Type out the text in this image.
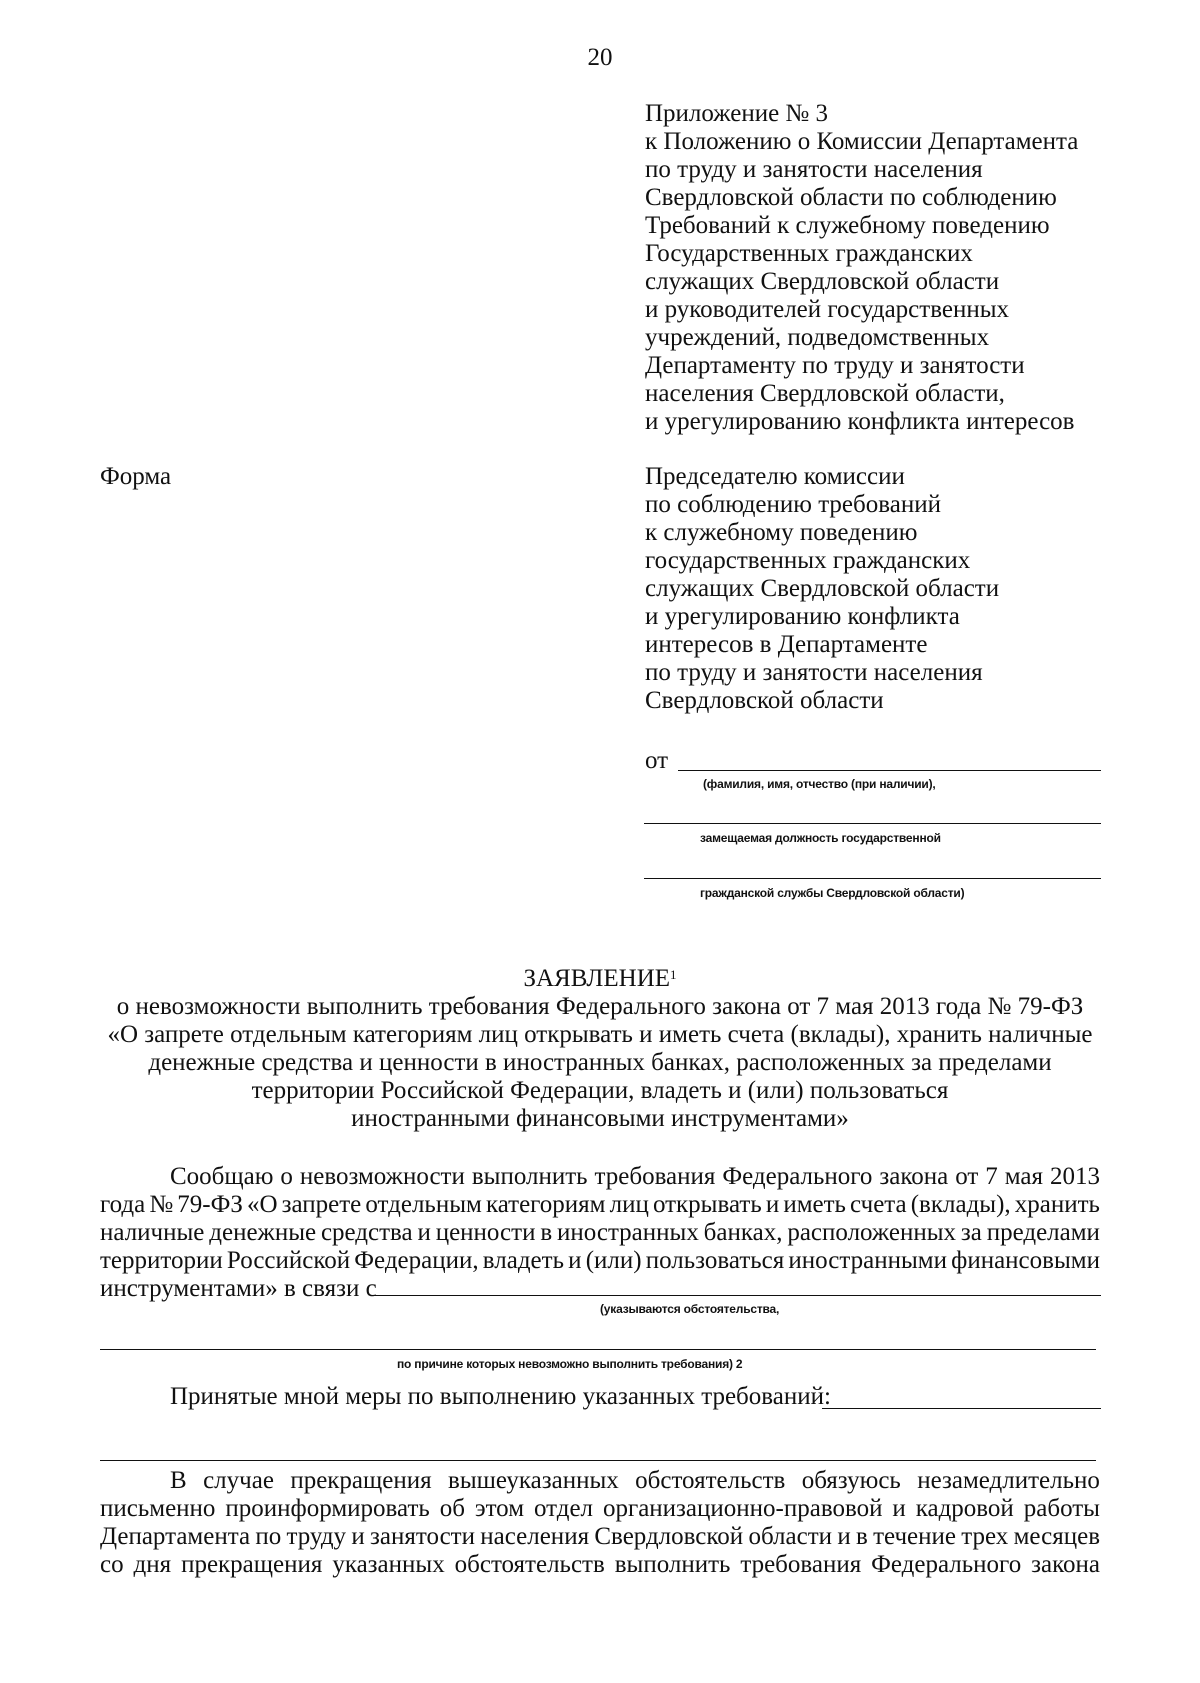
20
Приложение № 3
к Положению о Комиссии Департамента
по труду и занятости населения
Свердловской области по соблюдению
Требований к служебному поведению
Государственных гражданских
служащих Свердловской области
и руководителей государственных
учреждений, подведомственных
Департаменту по труду и занятости
населения Свердловской области,
и урегулированию конфликта интересов
Форма	Председателю комиссии
по соблюдению требований
к служебному поведению
государственных гражданских
служащих Свердловской области
и урегулированию конфликта
интересов в Департаменте
по труду и занятости населения
Свердловской области
от
(фамилия, имя, отчество (при наличии),
замещаемая должность государственной
гражданской службы Свердловской области)
ЗАЯВЛЕНИЕ$^1$
о невозможности выполнить требования Федерального закона от 7 мая 2013 года № 79-ФЗ
«О запрете отдельным категориям лиц открывать и иметь счета (вклады), хранить наличные
денежные средства и ценности в иностранных банках, расположенных за пределами
территории Российской Федерации, владеть и (или) пользоваться
иностранными финансовыми инструментами»
Сообщаю о невозможности выполнить требования Федерального закона от 7 мая 2013
года № 79-ФЗ «О запрете отдельным категориям лиц открывать и иметь счета (вклады), хранить
наличные денежные средства и ценности в иностранных банках, расположенных за пределами
территории Российской Федерации, владеть и (или) пользоваться иностранными финансовыми
инструментами» в связи с
(указываются обстоятельства,
по причине которых невозможно выполнить требования) 2
Принятые мной меры по выполнению указанных требований:
В случае прекращения вышеуказанных обстоятельств обязуюсь незамедлительно
письменно проинформировать об этом отдел организационно-правовой и кадровой работы
Департамента по труду и занятости населения Свердловской области и в течение трех месяцев
со дня прекращения указанных обстоятельств выполнить требования Федерального закона
